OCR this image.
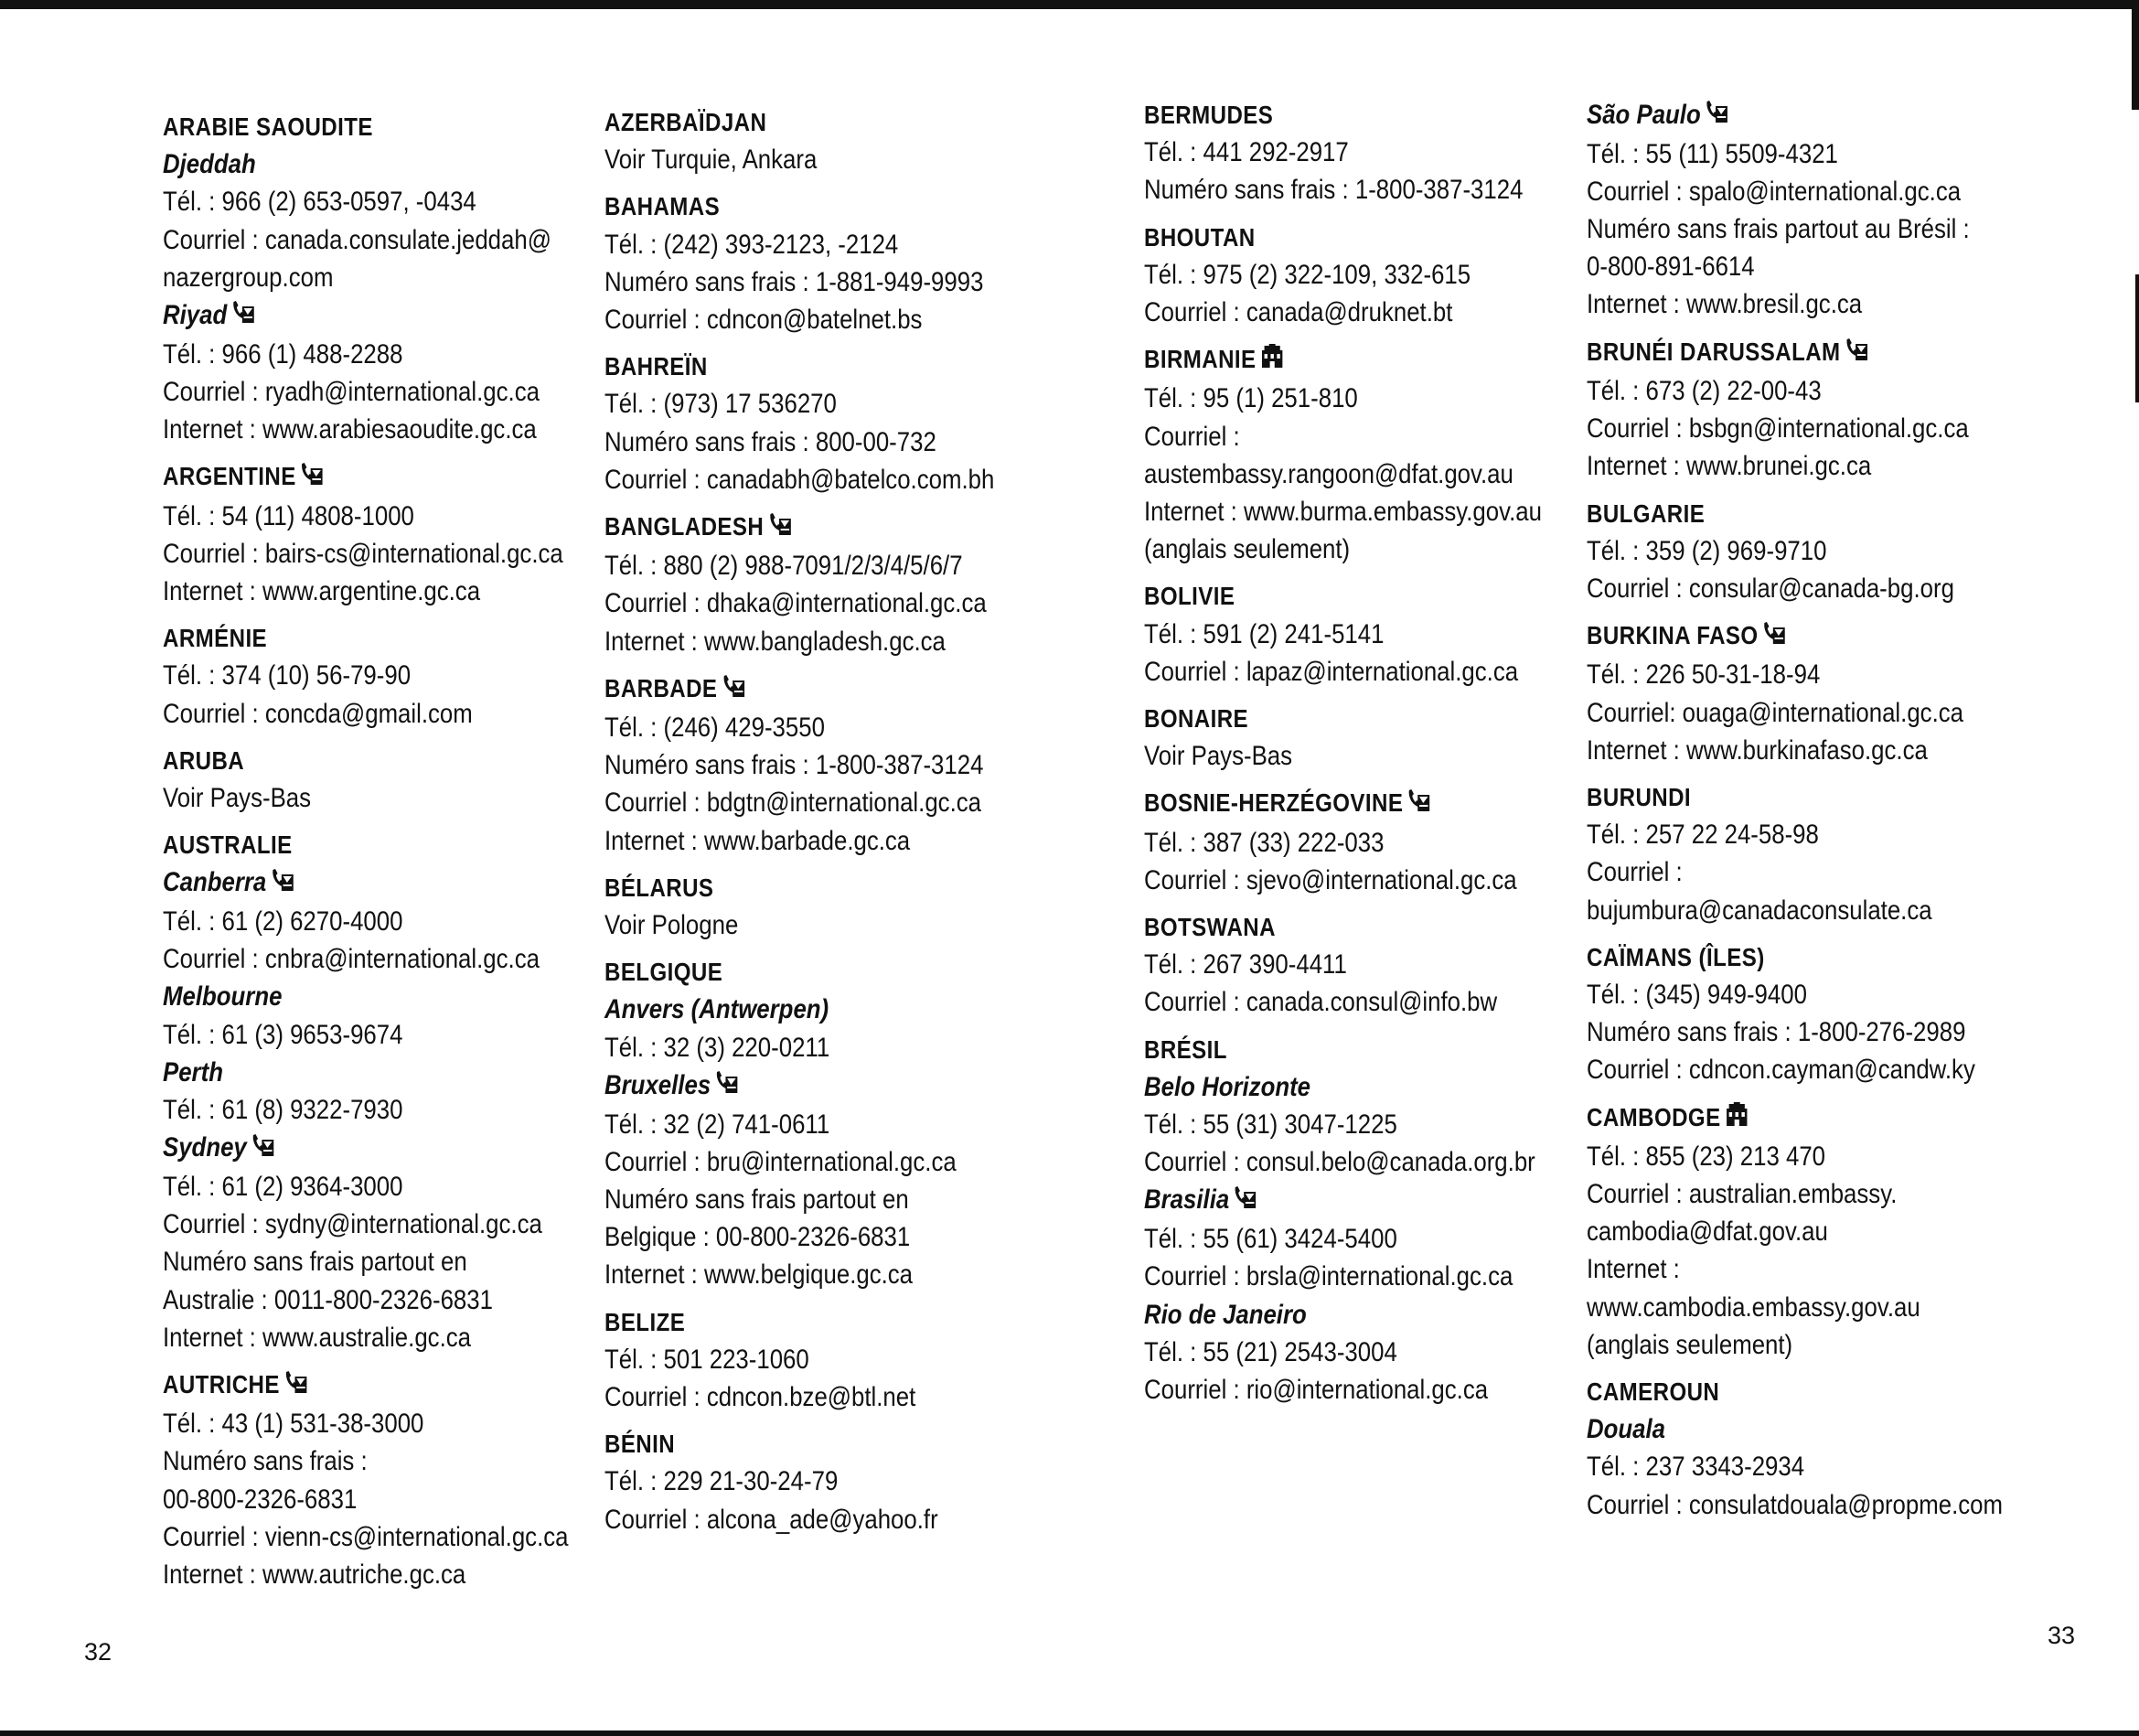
ARABIE SAOUDITE
Djeddah
Tél. : 966 (2) 653-0597, -0434
Courriel : canada.consulate.jeddah@
nazergroup.com
Riyad
Tél. : 966 (1) 488-2288
Courriel : ryadh@international.gc.ca
Internet : www.arabiesaoudite.gc.ca
ARGENTINE
Tél. : 54 (11) 4808-1000
Courriel : bairs-cs@international.gc.ca
Internet : www.argentine.gc.ca
ARMÉNIE
Tél. : 374 (10) 56-79-90
Courriel : concda@gmail.com
ARUBA
Voir Pays-Bas
AUSTRALIE
Canberra
Tél. : 61 (2) 6270-4000
Courriel : cnbra@international.gc.ca
Melbourne
Tél. : 61 (3) 9653-9674
Perth
Tél. : 61 (8) 9322-7930
Sydney
Tél. : 61 (2) 9364-3000
Courriel : sydny@international.gc.ca
Numéro sans frais partout en
Australie : 0011-800-2326-6831
Internet : www.australie.gc.ca
AUTRICHE
Tél. : 43 (1) 531-38-3000
Numéro sans frais :
00-800-2326-6831
Courriel : vienn-cs@international.gc.ca
Internet : www.autriche.gc.ca
AZERBAÏDJAN
Voir Turquie, Ankara
BAHAMAS
Tél. : (242) 393-2123, -2124
Numéro sans frais : 1-881-949-9993
Courriel : cdncon@batelnet.bs
BAHREÏN
Tél. : (973) 17 536270
Numéro sans frais : 800-00-732
Courriel : canadabh@batelco.com.bh
BANGLADESH
Tél. : 880 (2) 988-7091/2/3/4/5/6/7
Courriel : dhaka@international.gc.ca
Internet : www.bangladesh.gc.ca
BARBADE
Tél. : (246) 429-3550
Numéro sans frais : 1-800-387-3124
Courriel : bdgtn@international.gc.ca
Internet : www.barbade.gc.ca
BÉLARUS
Voir Pologne
BELGIQUE
Anvers (Antwerpen)
Tél. : 32 (3) 220-0211
Bruxelles
Tél. : 32 (2) 741-0611
Courriel : bru@international.gc.ca
Numéro sans frais partout en
Belgique : 00-800-2326-6831
Internet : www.belgique.gc.ca
BELIZE
Tél. : 501 223-1060
Courriel : cdncon.bze@btl.net
BÉNIN
Tél. : 229 21-30-24-79
Courriel : alcona_ade@yahoo.fr
BERMUDES
Tél. : 441 292-2917
Numéro sans frais : 1-800-387-3124
BHOUTAN
Tél. : 975 (2) 322-109, 332-615
Courriel : canada@druknet.bt
BIRMANIE
Tél. : 95 (1) 251-810
Courriel :
austembassy.rangoon@dfat.gov.au
Internet : www.burma.embassy.gov.au
(anglais seulement)
BOLIVIE
Tél. : 591 (2) 241-5141
Courriel : lapaz@international.gc.ca
BONAIRE
Voir Pays-Bas
BOSNIE-HERZÉGOVINE
Tél. : 387 (33) 222-033
Courriel : sjevo@international.gc.ca
BOTSWANA
Tél. : 267 390-4411
Courriel : canada.consul@info.bw
BRÉSIL
Belo Horizonte
Tél. : 55 (31) 3047-1225
Courriel : consul.belo@canada.org.br
Brasilia
Tél. : 55 (61) 3424-5400
Courriel : brsla@international.gc.ca
Rio de Janeiro
Tél. : 55 (21) 2543-3004
Courriel : rio@international.gc.ca
São Paulo
Tél. : 55 (11) 5509-4321
Courriel : spalo@international.gc.ca
Numéro sans frais partout au Brésil :
0-800-891-6614
Internet : www.bresil.gc.ca
BRUNÉI DARUSSALAM
Tél. : 673 (2) 22-00-43
Courriel : bsbgn@international.gc.ca
Internet : www.brunei.gc.ca
BULGARIE
Tél. : 359 (2) 969-9710
Courriel : consular@canada-bg.org
BURKINA FASO
Tél. : 226 50-31-18-94
Courriel: ouaga@international.gc.ca
Internet : www.burkinafaso.gc.ca
BURUNDI
Tél. : 257 22 24-58-98
Courriel :
bujumbura@canadaconsulate.ca
CAÏMANS (ÎLES)
Tél. : (345) 949-9400
Numéro sans frais : 1-800-276-2989
Courriel : cdncon.cayman@candw.ky
CAMBODGE
Tél. : 855 (23) 213 470
Courriel : australian.embassy.
cambodia@dfat.gov.au
Internet :
www.cambodia.embassy.gov.au
(anglais seulement)
CAMEROUN
Douala
Tél. : 237 3343-2934
Courriel : consulatdouala@propme.com
32
33
